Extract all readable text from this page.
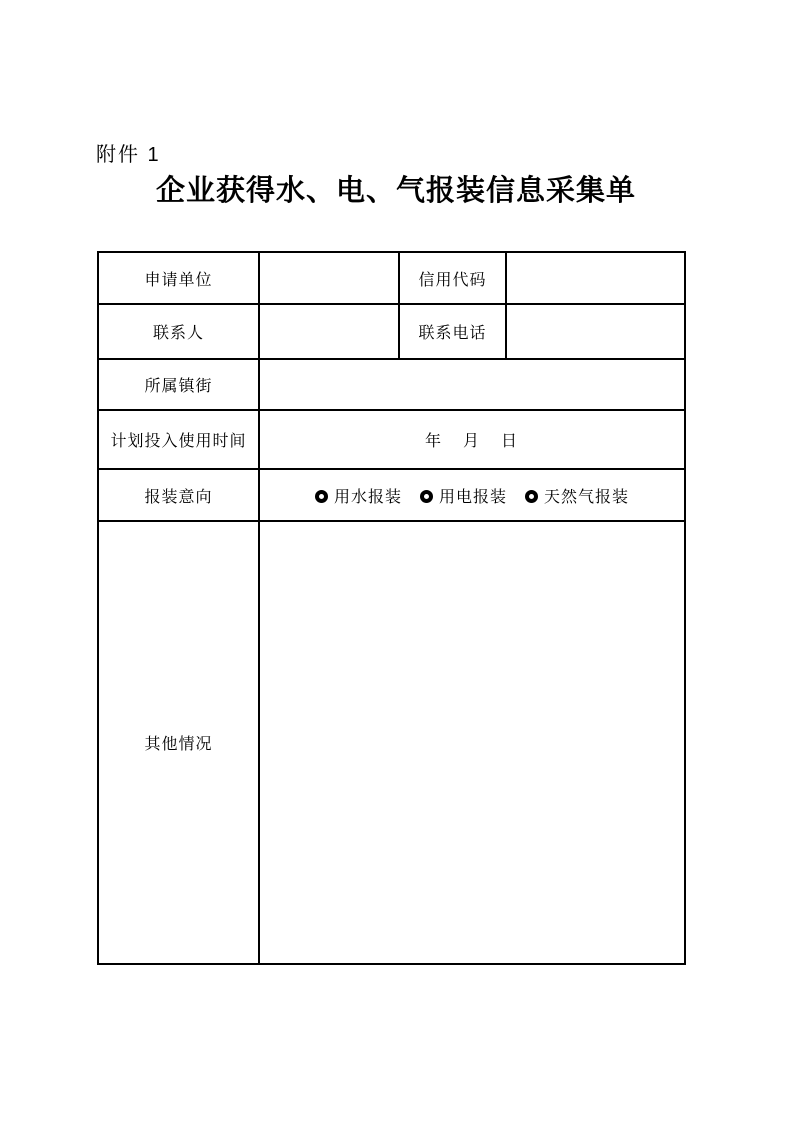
附件 1
企业获得水、电、气报装信息采集单
申请单位		信用代码	
联系人		联系电话	
所属镇街			
计划投入使用时间	年 月 日		
报装意向	用水报装 用电报装 天然气报装		
其他情况			
